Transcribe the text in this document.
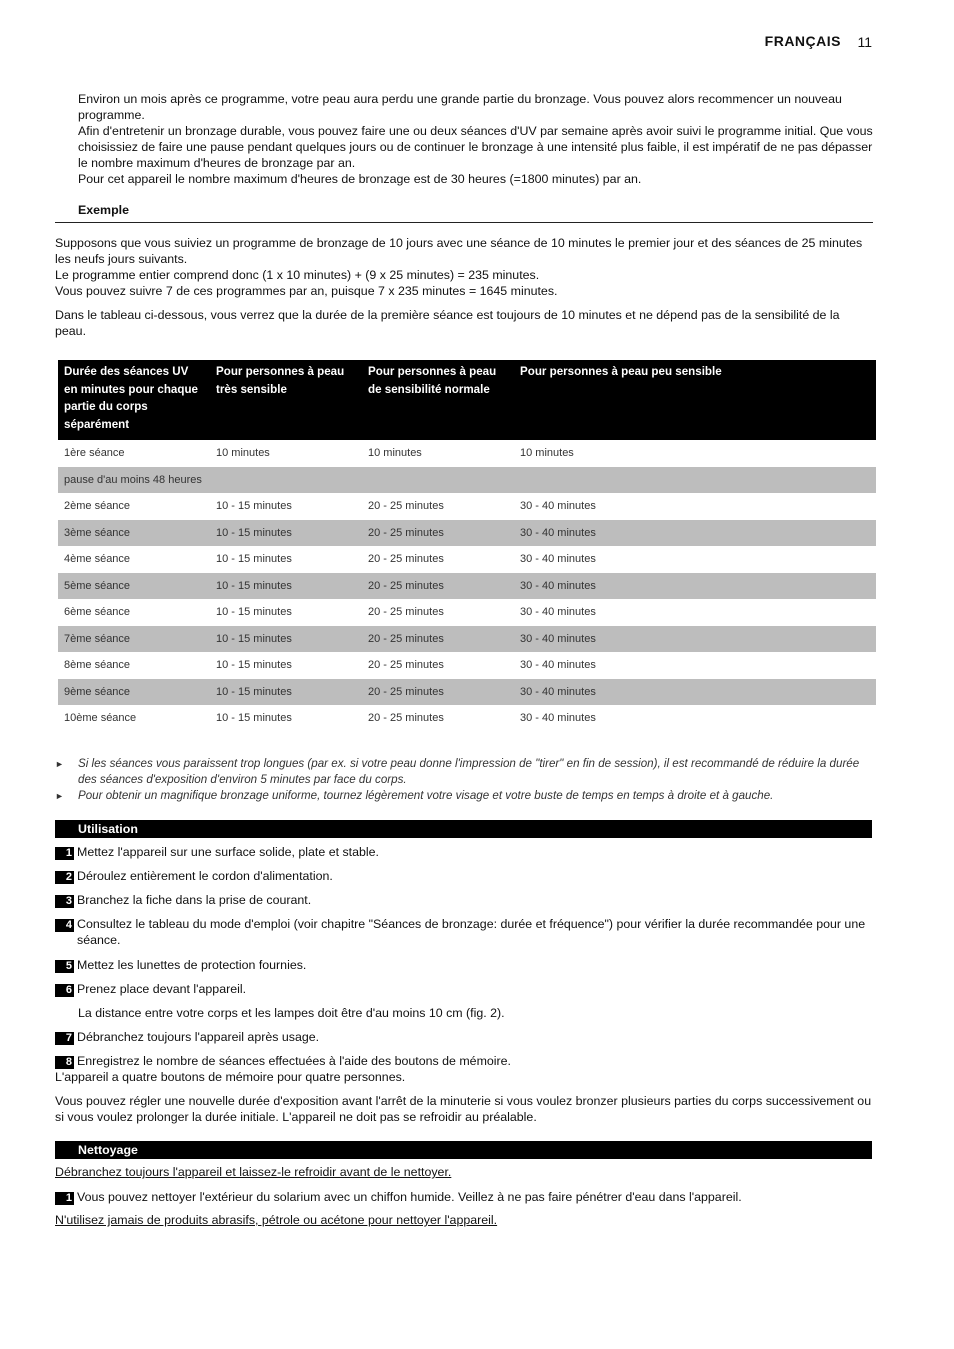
FRANÇAIS 11
Environ un mois après ce programme, votre peau aura perdu une grande partie du bronzage. Vous pouvez alors recommencer un nouveau programme.
Afin d'entretenir un bronzage durable, vous pouvez faire une ou deux séances d'UV par semaine après avoir suivi le programme initial. Que vous choisissiez de faire une pause pendant quelques jours ou de continuer le bronzage à une intensité plus faible, il est impératif de ne pas dépasser le nombre maximum d'heures de bronzage par an.
Pour cet appareil le nombre maximum d'heures de bronzage est de 30 heures (=1800 minutes) par an.
Exemple
Supposons que vous suiviez un programme de bronzage de 10 jours avec une séance de 10 minutes le premier jour et des séances de 25 minutes les neufs jours suivants.
Le programme entier comprend donc (1 x 10 minutes) + (9 x 25 minutes) = 235 minutes.
Vous pouvez suivre 7 de ces programmes par an, puisque 7 x 235 minutes = 1645 minutes.
Dans le tableau ci-dessous, vous verrez que la durée de la première séance est toujours de 10 minutes et ne dépend pas de la sensibilité de la peau.
Durée des séances UV en minutes pour chaque partie du corps séparément	Pour personnes à peau très sensible	Pour personnes à peau de sensibilité normale	Pour personnes à peau peu sensible
1ère séance	10 minutes	10 minutes	10 minutes
pause d'au moins 48 heures			
2ème séance	10 - 15 minutes	20 - 25 minutes	30 - 40 minutes
3ème séance	10 - 15 minutes	20 - 25 minutes	30 - 40 minutes
4ème séance	10 - 15 minutes	20 - 25 minutes	30 - 40 minutes
5ème séance	10 - 15 minutes	20 - 25 minutes	30 - 40 minutes
6ème séance	10 - 15 minutes	20 - 25 minutes	30 - 40 minutes
7ème séance	10 - 15 minutes	20 - 25 minutes	30 - 40 minutes
8ème séance	10 - 15 minutes	20 - 25 minutes	30 - 40 minutes
9ème séance	10 - 15 minutes	20 - 25 minutes	30 - 40 minutes
10ème séance	10 - 15 minutes	20 - 25 minutes	30 - 40 minutes
► Si les séances vous paraissent trop longues (par ex. si votre peau donne l'impression de "tirer" en fin de session), il est recommandé de réduire la durée des séances d'exposition d'environ 5 minutes par face du corps.
► Pour obtenir un magnifique bronzage uniforme, tournez légèrement votre visage et votre buste de temps en temps à droite et à gauche.
Utilisation
1 Mettez l'appareil sur une surface solide, plate et stable.
2 Déroulez entièrement le cordon d'alimentation.
3 Branchez la fiche dans la prise de courant.
4 Consultez le tableau du mode d'emploi (voir chapitre "Séances de bronzage: durée et fréquence") pour vérifier la durée recommandée pour une séance.
5 Mettez les lunettes de protection fournies.
6 Prenez place devant l'appareil.
La distance entre votre corps et les lampes doit être d'au moins 10 cm (fig. 2).
7 Débranchez toujours l'appareil après usage.
8 Enregistrez le nombre de séances effectuées à l'aide des boutons de mémoire.
L'appareil a quatre boutons de mémoire pour quatre personnes.
Vous pouvez régler une nouvelle durée d'exposition avant l'arrêt de la minuterie si vous voulez bronzer plusieurs parties du corps successivement ou si vous voulez prolonger la durée initiale. L'appareil ne doit pas se refroidir au préalable.
Nettoyage
Débranchez toujours l'appareil et laissez-le refroidir avant de le nettoyer.
1 Vous pouvez nettoyer l'extérieur du solarium avec un chiffon humide. Veillez à ne pas faire pénétrer d'eau dans l'appareil.
N'utilisez jamais de produits abrasifs, pétrole ou acétone pour nettoyer l'appareil.
